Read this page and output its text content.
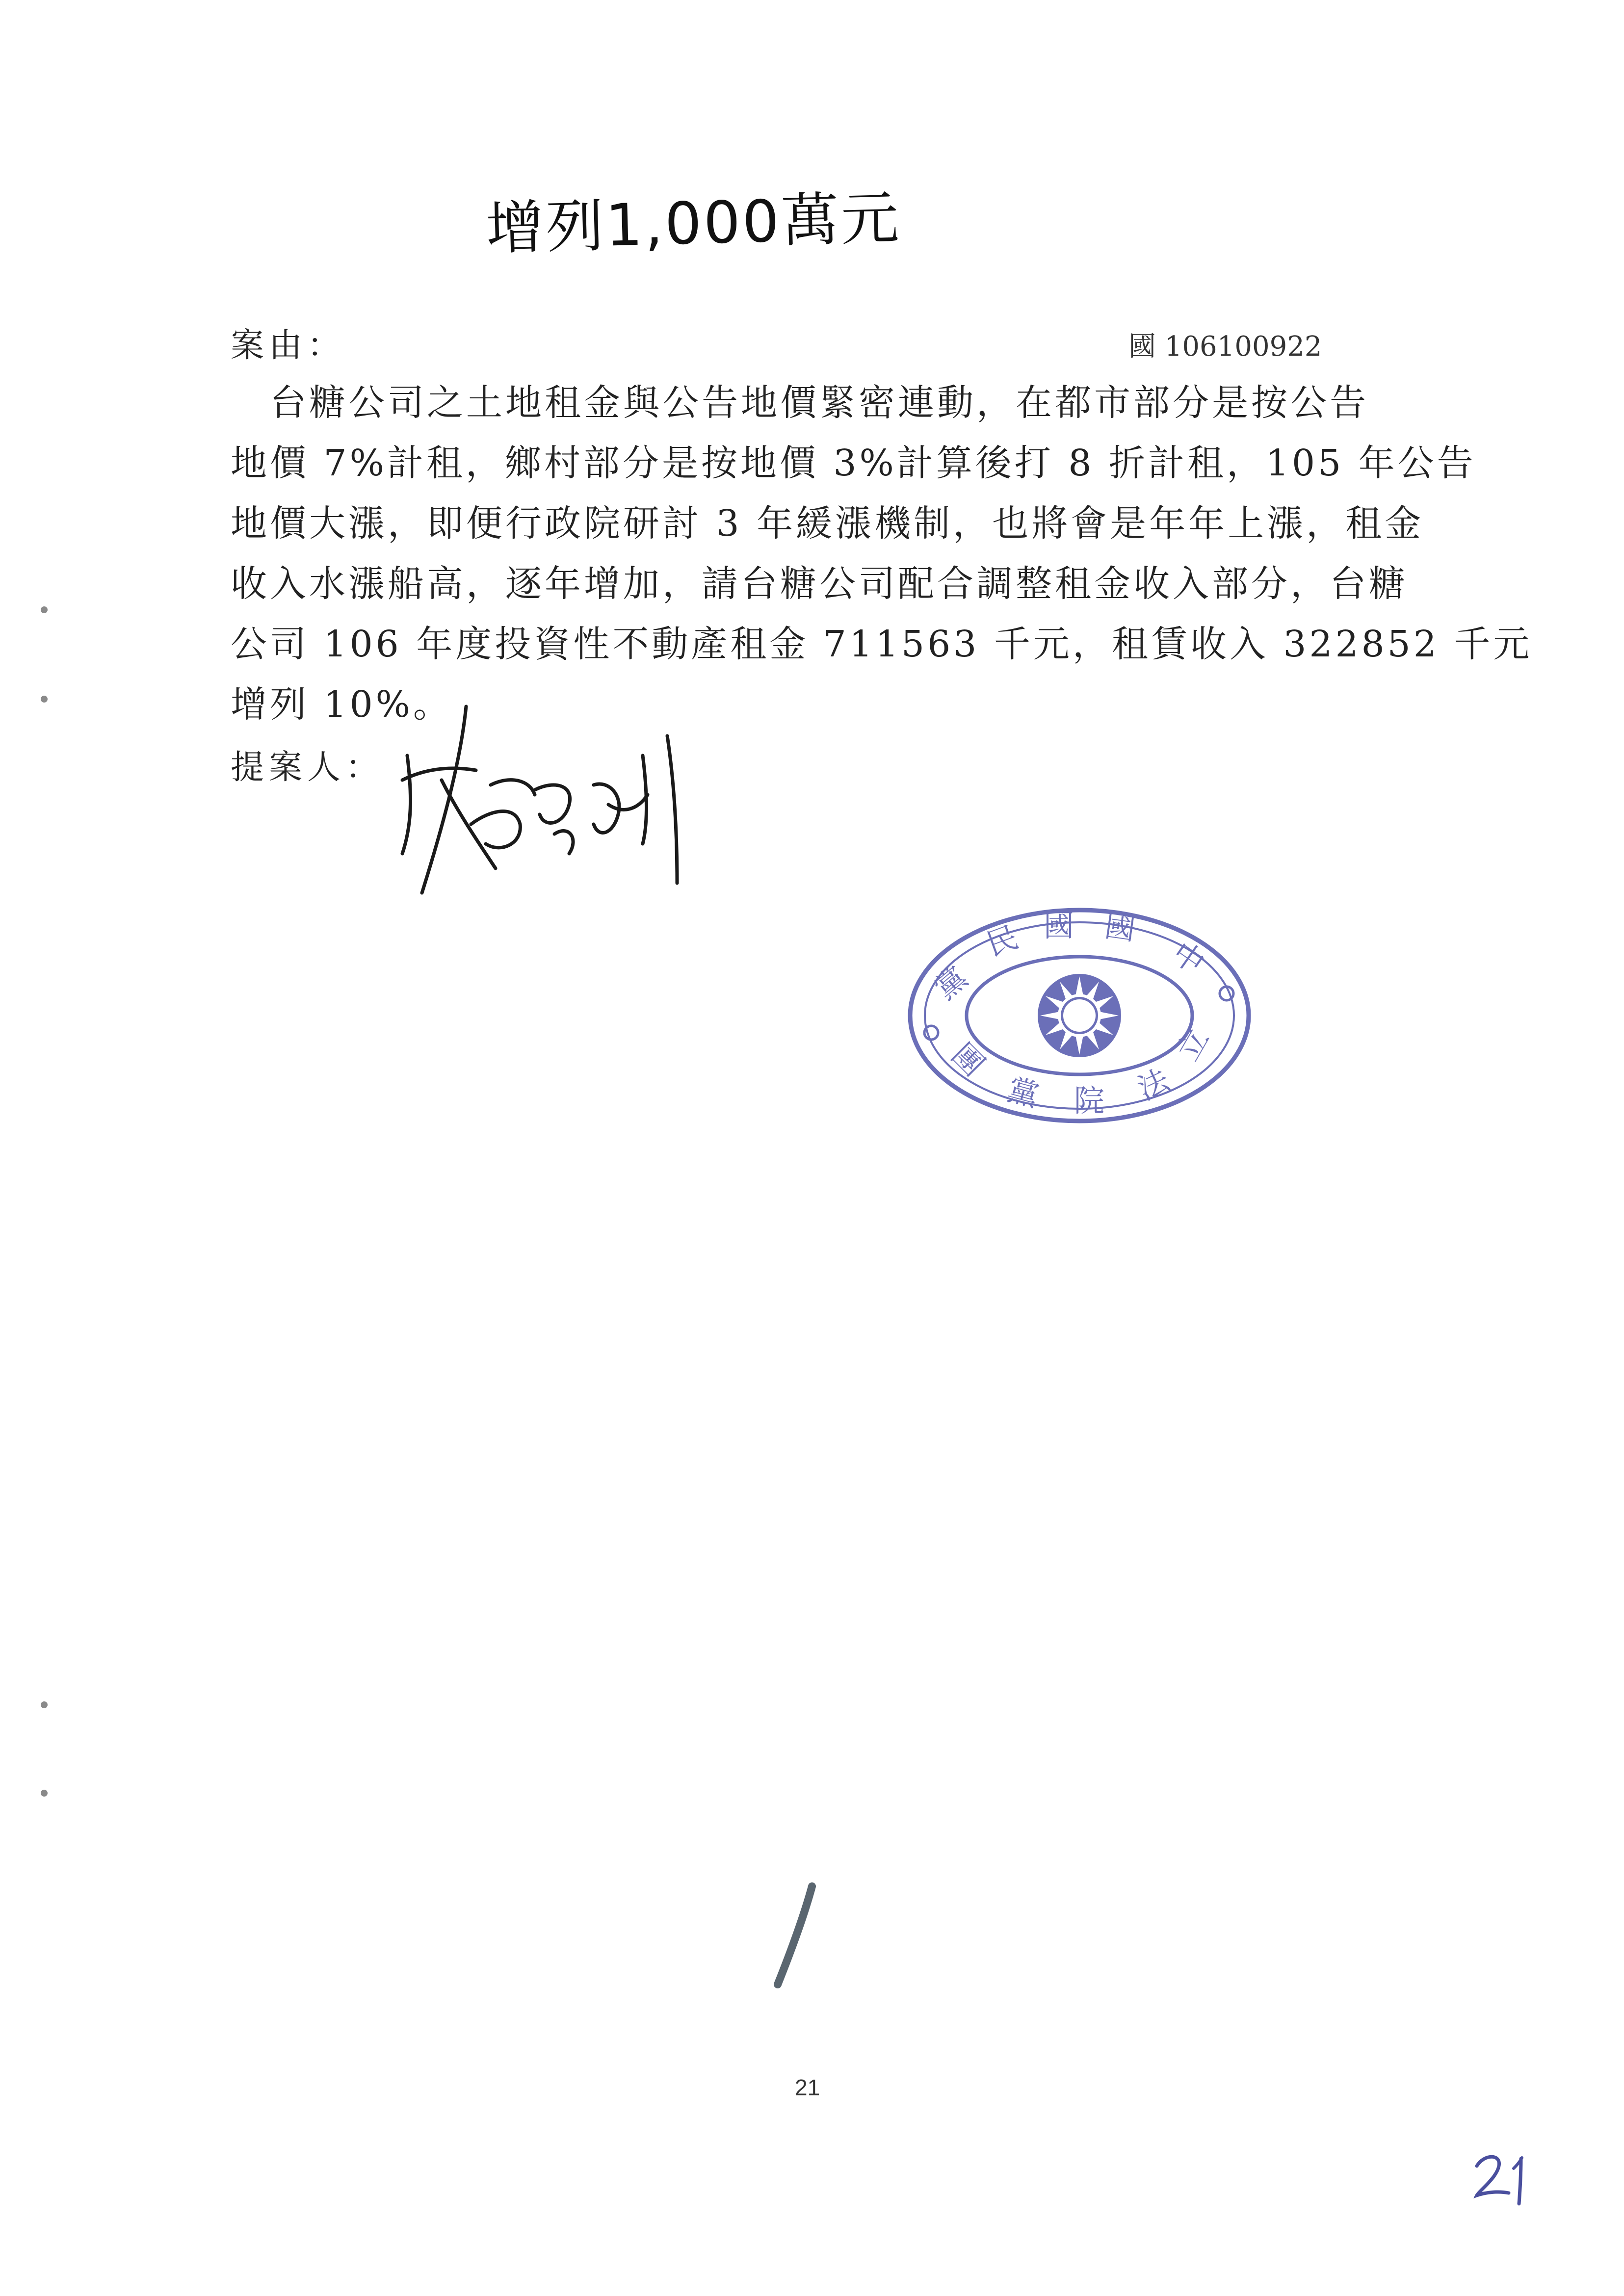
增列1,000萬元
案由：	國 106100922
　台糖公司之土地租金與公告地價緊密連動，在都市部分是按公告
地價 7%計租，鄉村部分是按地價 3%計算後打 8 折計租，105 年公告
地價大漲，即便行政院研討 3 年緩漲機制，也將會是年年上漲，租金
收入水漲船高，逐年增加，請台糖公司配合調整租金收入部分，台糖
公司 106 年度投資性不動產租金 711563 千元，租賃收入 322852 千元
增列 10%。
提案人：
黨
民 國 國
中
立
法
院
黨
團
21
